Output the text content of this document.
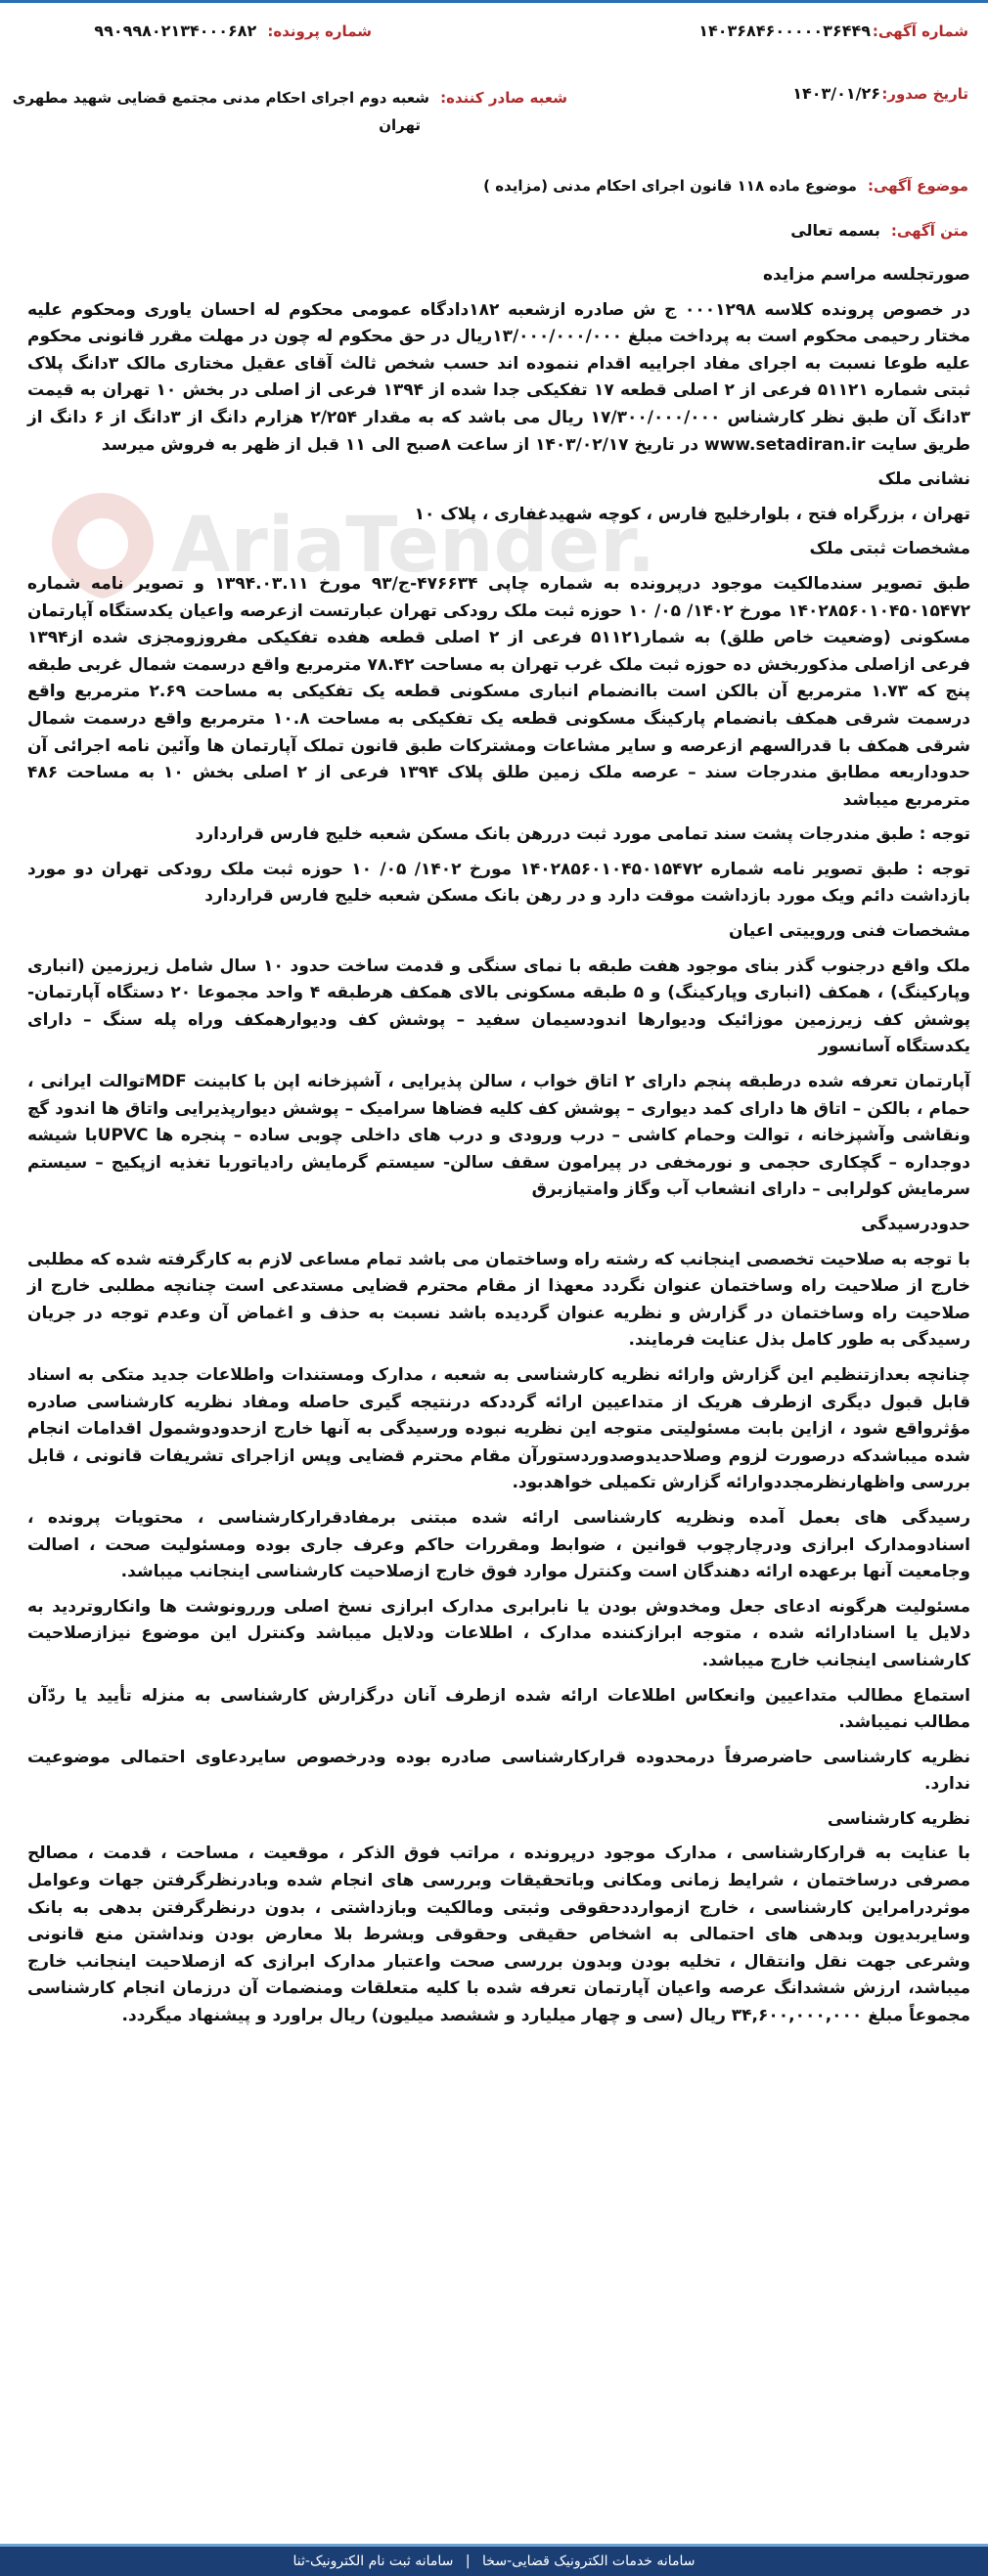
شماره آگهی:
۱۴۰۳۶۸۴۶۰۰۰۰۰۳۶۴۴۹
شماره پرونده: ۹۹۰۹۹۸۰۲۱۳۴۰۰۰۶۸۲
تاریخ صدور:
۱۴۰۳/۰۱/۲۶
شعبه صادر کننده: شعبه دوم اجرای احکام مدنی مجتمع قضایی شهید مطهری
تهران
موضوع آگهی: موضوع ماده ۱۱۸ قانون اجرای احکام مدنی (مزایده )
متن آگهی: بسمه تعالی
AriaTender

صورتجلسه مراسم مزایده

در خصوص پرونده کلاسه ۰۰۰۱۲۹۸ ج ش صادره ازشعبه ۱۸۲دادگاه عمومی محکوم له احسان یاوری ومحکوم علیه مختار رحیمی محکوم است به پرداخت مبلغ ۱۳/۰۰۰/۰۰۰/۰۰۰ریال در حق محکوم له چون در مهلت مقرر قانونی محکوم علیه طوعا نسبت به اجرای مفاد اجراییه اقدام ننموده اند حسب شخص ثالث آقای عقیل مختاری مالک ۳دانگ پلاک ثبتی شماره ۵۱۱۲۱ فرعی از ۲ اصلی قطعه ۱۷ تفکیکی جدا شده از ۱۳۹۴ فرعی از اصلی در بخش ۱۰ تهران به قیمت ۳دانگ آن طبق نظر کارشناس ۱۷/۳۰۰/۰۰۰/۰۰۰ ریال می باشد که به مقدار ۲/۲۵۴ هزارم دانگ از ۳دانگ از ۶ دانگ از طریق سایت www.setadiran.ir در تاریخ ۱۴۰۳/۰۲/۱۷ از ساعت ۸صبح الی ۱۱ قبل از ظهر به فروش میرسد

نشانی ملک

تهران ، بزرگراه فتح ، بلوارخلیج فارس ، کوچه شهیدغفاری ، پلاک ۱۰

مشخصات ثبتی ملک

طبق تصویر سندمالکیت موجود درپرونده به شماره چاپی ۴۷۶۶۳۴-ج/۹۳ مورخ ۱۳۹۴.۰۳.۱۱ و تصویر نامه شماره ۱۴۰۲۸۵۶۰۱۰۴۵۰۱۵۴۷۲ مورخ ۱۴۰۲/ ۰۵/ ۱۰ حوزه ثبت ملک رودکی تهران عبارتست ازعرصه واعیان یکدستگاه آپارتمان مسکونی (وضعیت خاص طلق) به شمار۵۱۱۲۱ فرعی از ۲ اصلی قطعه هفده تفکیکی مفروزومجزی شده از۱۳۹۴ فرعی ازاصلی مذکوربخش ده حوزه ثبت ملک غرب تهران به مساحت ۷۸.۴۲ مترمربع واقع درسمت شمال غربی طبقه پنج که ۱.۷۳ مترمربع آن بالکن است باانضمام انباری مسکونی قطعه یک تفکیکی به مساحت ۲.۶۹ مترمربع واقع درسمت شرقی همکف بانضمام پارکینگ مسکونی قطعه یک تفکیکی به مساحت ۱۰.۸ مترمربع واقع درسمت شمال شرقی همکف با قدرالسهم ازعرصه و سایر مشاعات ومشترکات طبق قانون تملک آپارتمان ها وآئین نامه اجرائی آن حدوداربعه مطابق مندرجات سند – عرصه ملک زمین طلق پلاک ۱۳۹۴ فرعی از ۲ اصلی بخش ۱۰ به مساحت ۴۸۶ مترمربع میباشد

توجه : طبق مندرجات پشت سند تمامی مورد ثبت دررهن بانک مسکن شعبه خلیج فارس قراردارد

توجه : طبق تصویر نامه شماره ۱۴۰۲۸۵۶۰۱۰۴۵۰۱۵۴۷۲ مورخ ۱۴۰۲/ ۰۵/ ۱۰ حوزه ثبت ملک رودکی تهران دو مورد بازداشت دائم ویک مورد بازداشت موقت دارد و در رهن بانک مسکن شعبه خلیج فارس قراردارد

مشخصات فنی وروییتی اعیان

ملک واقع درجنوب گذر بنای موجود هفت طبقه با نمای سنگی و قدمت ساخت حدود ۱۰ سال شامل زیرزمین (انباری وپارکینگ) ، همکف (انباری وپارکینگ) و ۵ طبقه مسکونی بالای همکف هرطبقه ۴ واحد مجموعا ۲۰ دستگاه آپارتمان- پوشش کف زیرزمین موزائیک ودیوارها اندودسیمان سفید – پوشش کف ودیوارهمکف وراه پله سنگ – دارای یکدستگاه آسانسور

آپارتمان تعرفه شده درطبقه پنجم دارای ۲ اتاق خواب ، سالن پذیرایی ، آشپزخانه اپن با کابینت MDFتوالت ایرانی ، حمام ، بالکن – اتاق ها دارای کمد دیواری – پوشش کف کلیه فضاها سرامیک – پوشش دیوارپذیرایی واتاق ها اندود گچ ونقاشی وآشپزخانه ، توالت وحمام کاشی – درب ورودی و درب های داخلی چوبی ساده – پنجره ها UPVCبا شیشه دوجداره – گچکاری حجمی و نورمخفی در پیرامون سقف سالن- سیستم گرمایش رادیاتوربا تغذیه ازپکیج – سیستم سرمایش کولرابی – دارای انشعاب آب وگاز وامتیازبرق

حدودرسیدگی

با توجه به صلاحیت تخصصی اینجانب که رشته راه وساختمان می باشد تمام مساعی لازم به کارگرفته شده که مطلبی خارج از صلاحیت راه وساختمان عنوان نگردد معهذا از مقام محترم قضایی مستدعی است چنانچه مطلبی خارج از صلاحیت راه وساختمان در گزارش و نظریه عنوان گردیده باشد نسبت به حذف و اغماض آن وعدم توجه در جریان رسیدگی به طور کامل بذل عنایت فرمایند.

چنانچه بعدازتنظیم این گزارش وارائه نظریه کارشناسی به شعبه ، مدارک ومستندات واطلاعات جدید متکی به اسناد قابل قبول دیگری ازطرف هریک از متداعیین ارائه گرددکه درنتیجه گیری حاصله ومفاد نظریه کارشناسی صادره مؤثرواقع شود ، ازاین بابت مسئولیتی متوجه این نظریه نبوده ورسیدگی به آنها خارج ازحدودوشمول اقدامات انجام شده میباشدکه درصورت لزوم وصلاحدیدوصدوردستورآن مقام محترم قضایی وپس ازاجرای تشریفات قانونی ، قابل بررسی واظهارنظرمجددوارائه گزارش تکمیلی خواهدبود.

رسیدگی های بعمل آمده ونظریه کارشناسی ارائه شده مبتنی برمفادقرارکارشناسی ، محتویات پرونده ، اسنادومدارک ابرازی ودرچارچوب قوانین ، ضوابط ومقررات حاکم وعرف جاری بوده ومسئولیت صحت ، اصالت وجامعیت آنها برعهده ارائه دهندگان است وکنترل موارد فوق خارج ازصلاحیت کارشناسی اینجانب میباشد.

مسئولیت هرگونه ادعای جعل ومخدوش بودن یا نابرابری مدارک ابرازی نسخ اصلی وررونوشت ها وانکاروتردید به دلایل یا اسنادارائه شده ، متوجه ابرازکننده مدارک ، اطلاعات ودلایل میباشد وکنترل این موضوع نیزازصلاحیت کارشناسی اینجانب خارج میباشد.

استماع مطالب متداعیین وانعکاس اطلاعات ارائه شده ازطرف آنان درگزارش کارشناسی به منزله تأیید یا ردّآن مطالب نمیباشد.

نظریه کارشناسی حاضرصرفاً درمحدوده قرارکارشناسی صادره بوده ودرخصوص سایردعاوی احتمالی موضوعیت ندارد.

نظریه کارشناسی

با عنایت به قرارکارشناسی ، مدارک موجود درپرونده ، مراتب فوق الذکر ، موقعیت ، مساحت ، قدمت ، مصالح مصرفی درساختمان ، شرایط زمانی ومکانی وباتحقیقات وبررسی های انجام شده وبادرنظرگرفتن جهات وعوامل موثردرامراین کارشناسی ، خارج ازموارددحقوقی وثبتی ومالکیت وبازداشتی ، بدون درنظرگرفتن بدهی به بانک وسایربدیون وبدهی های احتمالی به اشخاص حقیقی وحقوقی وبشرط بلا معارض بودن ونداشتن منع قانونی وشرعی جهت نقل وانتقال ، تخلیه بودن وبدون بررسی صحت واعتبار مدارک ابرازی که ازصلاحیت اینجانب خارج میباشد، ارزش ششدانگ عرصه واعیان آپارتمان تعرفه شده با کلیه متعلقات ومنضمات آن درزمان انجام کارشناسی مجموعاً مبلغ ۳۴,۶۰۰,۰۰۰,۰۰۰ ریال (سی و چهار میلیارد و ششصد میلیون) ریال براورد و پیشنهاد میگردد.

سامانه خدمات الکترونیک قضایی-سخا | سامانه ثبت نام الکترونیک-ثنا
